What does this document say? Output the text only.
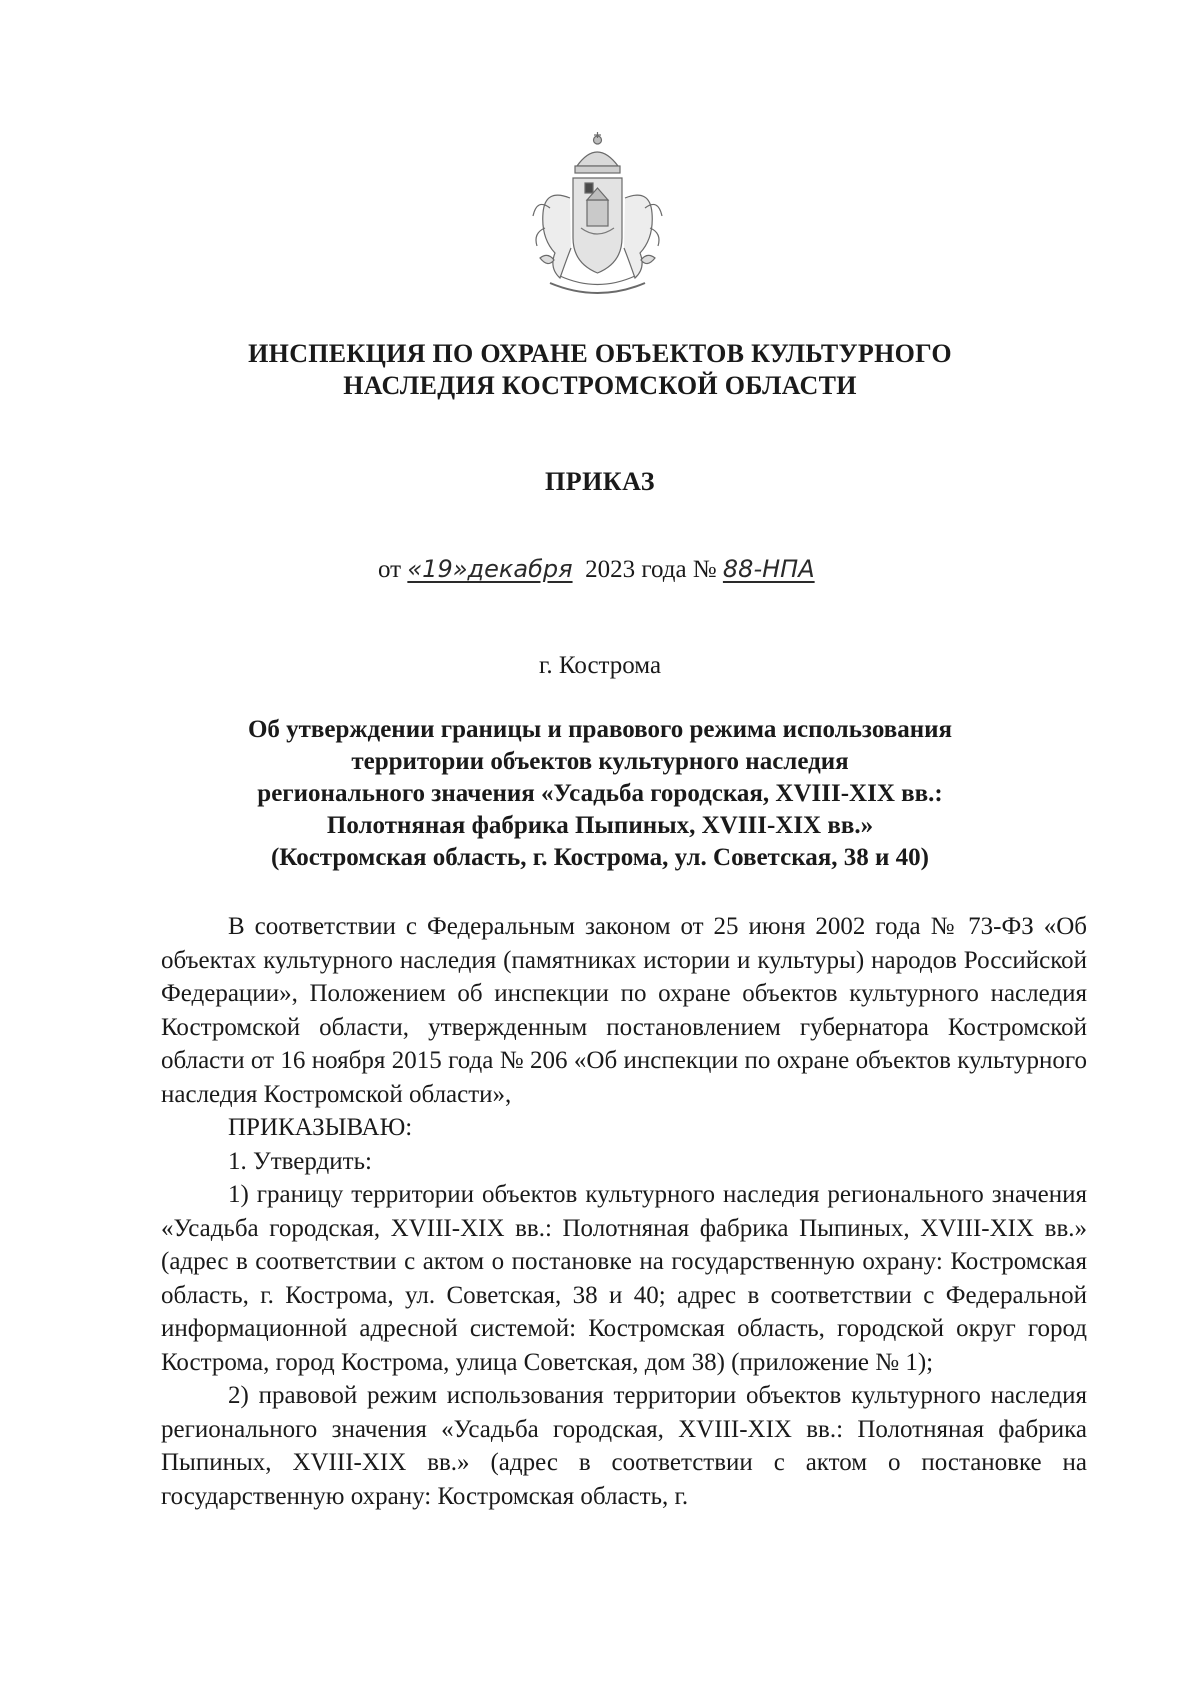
ИНСПЕКЦИЯ ПО ОХРАНЕ ОБЪЕКТОВ КУЛЬТУРНОГО
НАСЛЕДИЯ КОСТРОМСКОЙ ОБЛАСТИ
ПРИКАЗ
от «19»декабря 2023 года № 88-НПА
г. Кострома
Об утверждении границы и правового режима использования
территории объектов культурного наследия
регионального значения «Усадьба городская, XVIII-XIX вв.:
Полотняная фабрика Пыпиных, XVIII-XIX вв.»
(Костромская область, г. Кострома, ул. Советская, 38 и 40)

В соответствии с Федеральным законом от 25 июня 2002 года № 73-ФЗ «Об объектах культурного наследия (памятниках истории и культуры) народов Российской Федерации», Положением об инспекции по охране объектов культурного наследия Костромской области, утвержденным постановлением губернатора Костромской области от 16 ноября 2015 года № 206 «Об инспекции по охране объектов культурного наследия Костромской области»,

ПРИКАЗЫВАЮ:

1. Утвердить:

1) границу территории объектов культурного наследия регионального значения «Усадьба городская, XVIII-XIX вв.: Полотняная фабрика Пыпиных, XVIII-XIX вв.» (адрес в соответствии с актом о постановке на государственную охрану: Костромская область, г. Кострома, ул. Советская, 38 и 40; адрес в соответствии с Федеральной информационной адресной системой: Костромская область, городской округ город Кострома, город Кострома, улица Советская, дом 38) (приложение № 1);

2) правовой режим использования территории объектов культурного наследия регионального значения «Усадьба городская, XVIII-XIX вв.: Полотняная фабрика Пыпиных, XVIII-XIX вв.» (адрес в соответствии с актом о постановке на государственную охрану: Костромская область, г.
